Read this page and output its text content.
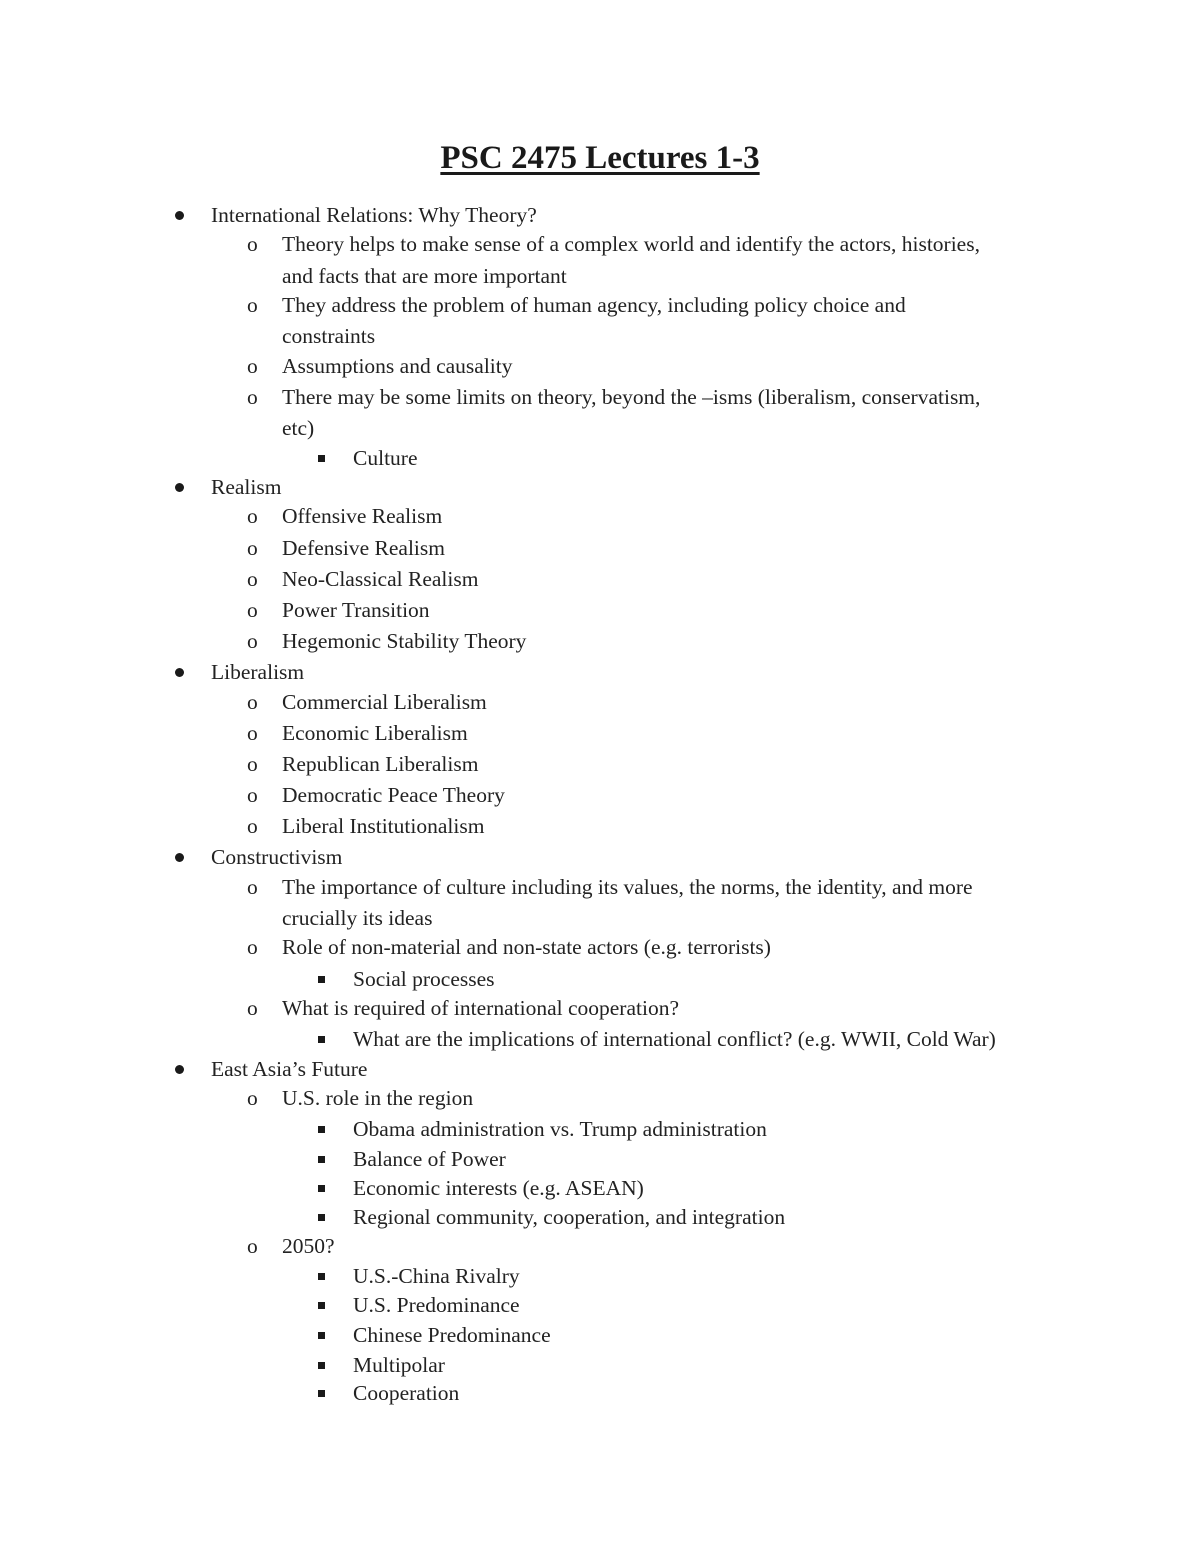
PSC 2475 Lectures 1-3
International Relations: Why Theory?
o Theory helps to make sense of a complex world and identify the actors, histories,
and facts that are more important
o They address the problem of human agency, including policy choice and
constraints
o Assumptions and causality
o There may be some limits on theory, beyond the –isms (liberalism, conservatism,
etc)
Culture
Realism
o Offensive Realism
o Defensive Realism
o Neo-Classical Realism
o Power Transition
o Hegemonic Stability Theory
Liberalism
o Commercial Liberalism
o Economic Liberalism
o Republican Liberalism
o Democratic Peace Theory
o Liberal Institutionalism
Constructivism
o The importance of culture including its values, the norms, the identity, and more
crucially its ideas
o Role of non-material and non-state actors (e.g. terrorists)
Social processes
o What is required of international cooperation?
What are the implications of international conflict? (e.g. WWII, Cold War)
East Asia’s Future
o U.S. role in the region
Obama administration vs. Trump administration
Balance of Power
Economic interests (e.g. ASEAN)
Regional community, cooperation, and integration
o 2050?
U.S.-China Rivalry
U.S. Predominance
Chinese Predominance
Multipolar
Cooperation
